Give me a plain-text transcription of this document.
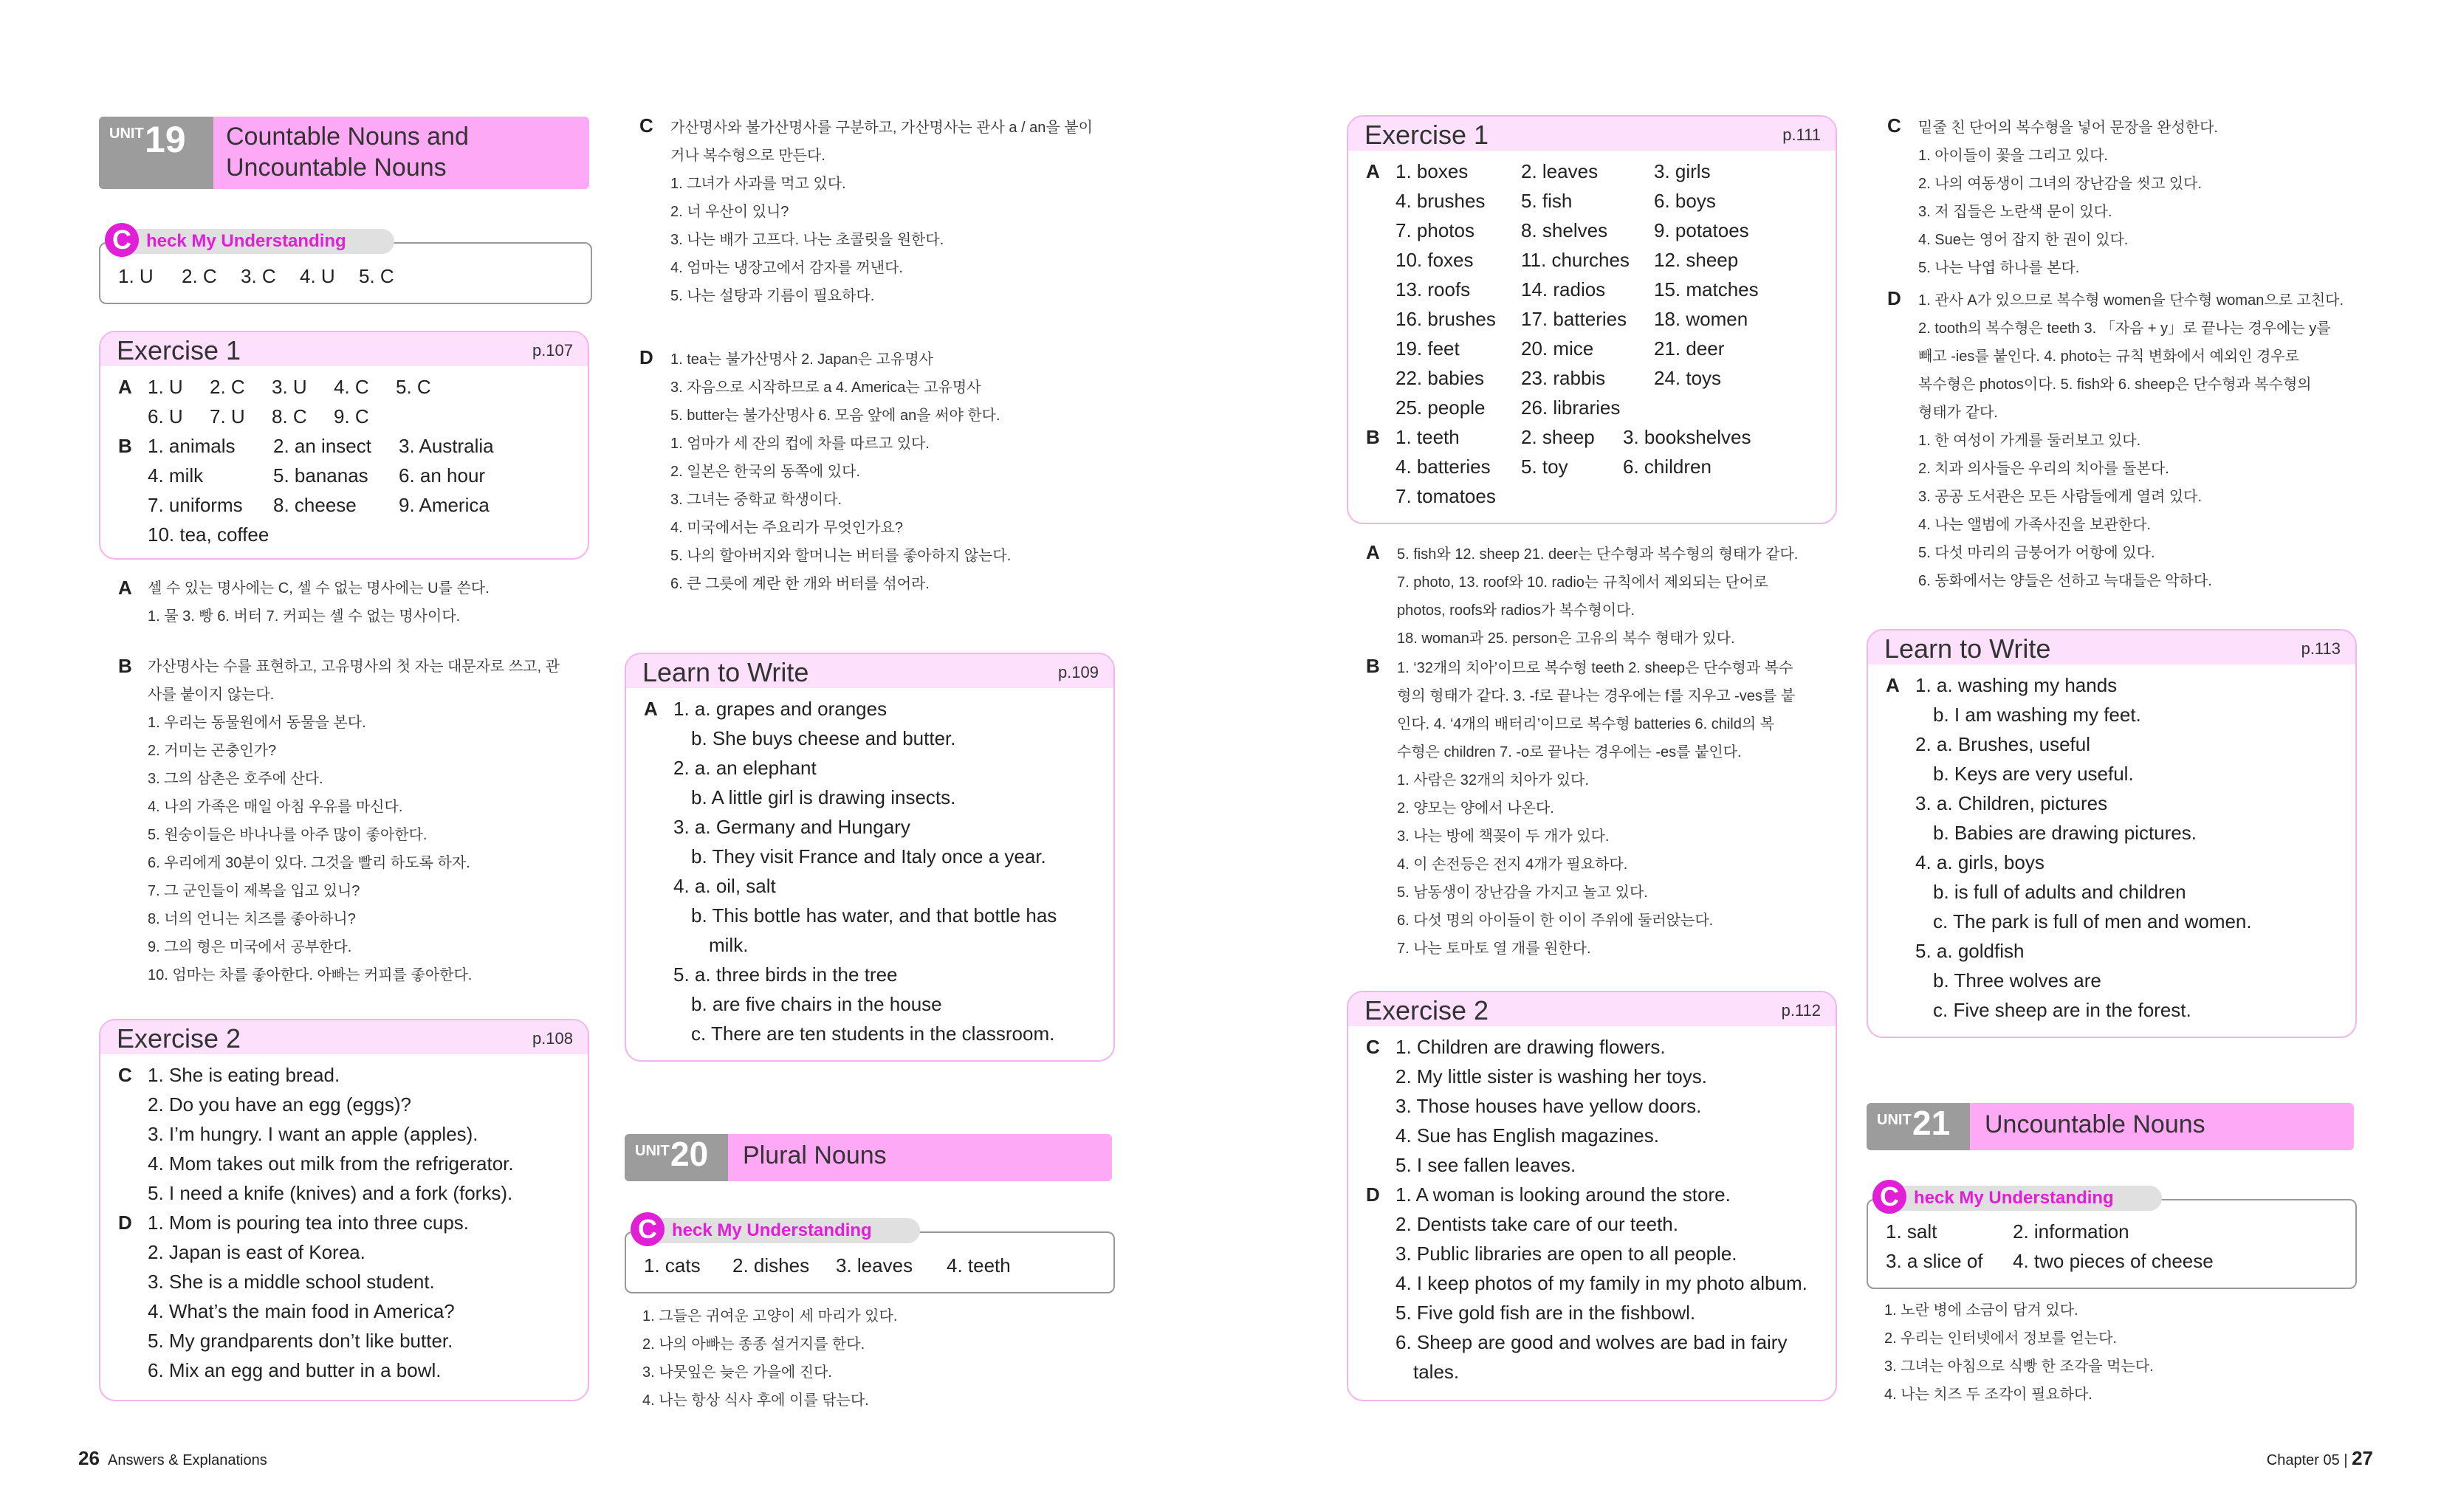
UNIT 19 Countable Nouns and
Uncountable Nouns
C heck My Understanding
1. U 2. C 3. C 4. U 5. C
Exercise 1	p.107
A 1. U 2. C 3. U 4. C 5. C
6. U 7. U 8. C 9. C
B 1. animals 2. an insect 3. Australia
4. milk	5. bananas 6. an hour
7. uniforms 8. cheese 9. America
10. tea, coffee
A 셀 수 있는 명사에는 C, 셀 수 없는 명사에는 U를 쓴다.
1. 물 3. 빵 6. 버터 7. 커피는 셀 수 없는 명사이다.
B 가산명사는 수를 표현하고, 고유명사의 첫 자는 대문자로 쓰고, 관
사를 붙이지 않는다.
1. 우리는 동물원에서 동물을 본다.
2. 거미는 곤충인가?
3. 그의 삼촌은 호주에 산다.
4. 나의 가족은 매일 아침 우유를 마신다.
5. 원숭이들은 바나나를 아주 많이 좋아한다.
6. 우리에게 30분이 있다. 그것을 빨리 하도록 하자.
7. 그 군인들이 제복을 입고 있니?
8. 너의 언니는 치즈를 좋아하니?
9. 그의 형은 미국에서 공부한다.
10. 엄마는 차를 좋아한다. 아빠는 커피를 좋아한다.
Exercise 2	p.108
C 1. She is eating bread.
2. Do you have an egg (eggs)?
3. I’m hungry. I want an apple (apples).
4. Mom takes out milk from the refrigerator.
5. I need a knife (knives) and a fork (forks).
D 1. Mom is pouring tea into three cups.
2. Japan is east of Korea.
3. She is a middle school student.
4. What’s the main food in America?
5. My grandparents don’t like butter.
6. Mix an egg and butter in a bowl.
C 가산명사와 불가산명사를 구분하고, 가산명사는 관사 a / an을 붙이
거나 복수형으로 만든다.
1. 그녀가 사과를 먹고 있다.
2. 너 우산이 있니?
3. 나는 배가 고프다. 나는 초콜릿을 원한다.
4. 엄마는 냉장고에서 감자를 꺼낸다.
5. 나는 설탕과 기름이 필요하다.
D 1. tea는 불가산명사 2. Japan은 고유명사
3. 자음으로 시작하므로 a 4. America는 고유명사
5. butter는 불가산명사 6. 모음 앞에 an을 써야 한다.
1. 엄마가 세 잔의 컵에 차를 따르고 있다.
2. 일본은 한국의 동쪽에 있다.
3. 그녀는 중학교 학생이다.
4. 미국에서는 주요리가 무엇인가요?
5. 나의 할아버지와 할머니는 버터를 좋아하지 않는다.
6. 큰 그릇에 계란 한 개와 버터를 섞어라.
Learn to Write	p.109
A 1. a. grapes and oranges
b. She buys cheese and butter.
2. a. an elephant
b. A little girl is drawing insects.
3. a. Germany and Hungary
b. They visit France and Italy once a year.
4. a. oil, salt
b. This bottle has water, and that bottle has
milk.
5. a. three birds in the tree
b. are five chairs in the house
c. There are ten students in the classroom.
UNIT 20 Plural Nouns
C heck My Understanding
1. cats 2. dishes 3. leaves 4. teeth
1. 그들은 귀여운 고양이 세 마리가 있다.
2. 나의 아빠는 종종 설거지를 한다.
3. 나뭇잎은 늦은 가을에 진다.
4. 나는 항상 식사 후에 이를 닦는다.
Exercise 1	p.111
A 1. boxes	2. leaves	3. girls
4. brushes 5. fish	6. boys
7. photos 8. shelves 9. potatoes
10. foxes 11. churches 12. sheep
13. roofs	14. radios	15. matches
16. brushes 17. batteries 18. women
19. feet	20. mice	21. deer
22. babies 23. rabbis	24. toys
25. people 26. libraries
B 1. teeth	2. sheep 3. bookshelves
4. batteries 5. toy	6. children
7. tomatoes
A 5. fish와 12. sheep 21. deer는 단수형과 복수형의 형태가 같다.
7. photo, 13. roof와 10. radio는 규칙에서 제외되는 단어로
photos, roofs와 radios가 복수형이다.
18. woman과 25. person은 고유의 복수 형태가 있다.
B 1. ‘32개의 치아’이므로 복수형 teeth 2. sheep은 단수형과 복수
형의 형태가 같다. 3. -f로 끝나는 경우에는 f를 지우고 -ves를 붙
인다. 4. ‘4개의 배터리’이므로 복수형 batteries 6. child의 복
수형은 children 7. -o로 끝나는 경우에는 -es를 붙인다.
1. 사람은 32개의 치아가 있다.
2. 양모는 양에서 나온다.
3. 나는 방에 책꽂이 두 개가 있다.
4. 이 손전등은 전지 4개가 필요하다.
5. 남동생이 장난감을 가지고 놀고 있다.
6. 다섯 명의 아이들이 한 이이 주위에 둘러앉는다.
7. 나는 토마토 열 개를 원한다.
Exercise 2	p.112
C 1. Children are drawing flowers.
2. My little sister is washing her toys.
3. Those houses have yellow doors.
4. Sue has English magazines.
5. I see fallen leaves.
D 1. A woman is looking around the store.
2. Dentists take care of our teeth.
3. Public libraries are open to all people.
4. I keep photos of my family in my photo album.
5. Five gold fish are in the fishbowl.
6. Sheep are good and wolves are bad in fairy
tales.
C 밑줄 친 단어의 복수형을 넣어 문장을 완성한다.
1. 아이들이 꽃을 그리고 있다.
2. 나의 여동생이 그녀의 장난감을 씻고 있다.
3. 저 집들은 노란색 문이 있다.
4. Sue는 영어 잡지 한 권이 있다.
5. 나는 낙엽 하나를 본다.
D 1. 관사 A가 있으므로 복수형 women을 단수형 woman으로 고친다.
2. tooth의 복수형은 teeth 3. 「자음 + y」로 끝나는 경우에는 y를
빼고 -ies를 붙인다. 4. photo는 규칙 변화에서 예외인 경우로
복수형은 photos이다. 5. fish와 6. sheep은 단수형과 복수형의
형태가 같다.
1. 한 여성이 가게를 둘러보고 있다.
2. 치과 의사들은 우리의 치아를 돌본다.
3. 공공 도서관은 모든 사람들에게 열려 있다.
4. 나는 앨범에 가족사진을 보관한다.
5. 다섯 마리의 금붕어가 어항에 있다.
6. 동화에서는 양들은 선하고 늑대들은 악하다.
Learn to Write	p.113
A 1. a. washing my hands
b. I am washing my feet.
2. a. Brushes, useful
b. Keys are very useful.
3. a. Children, pictures
b. Babies are drawing pictures.
4. a. girls, boys
b. is full of adults and children
c. The park is full of men and women.
5. a. goldfish
b. Three wolves are
c. Five sheep are in the forest.
UNIT 21 Uncountable Nouns
C heck My Understanding
1. salt	2. information
3. a slice of 4. two pieces of cheese
1. 노란 병에 소금이 담겨 있다.
2. 우리는 인터넷에서 정보를 얻는다.
3. 그녀는 아침으로 식빵 한 조각을 먹는다.
4. 나는 치즈 두 조각이 필요하다.
26 Answers & Explanations	Chapter 05 | 27
